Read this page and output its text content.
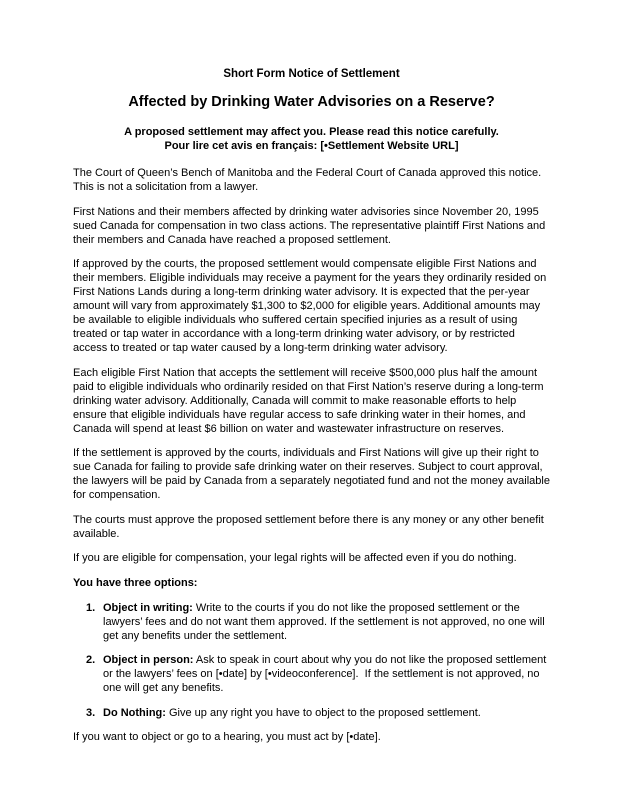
Short Form Notice of Settlement
Affected by Drinking Water Advisories on a Reserve?
A proposed settlement may affect you. Please read this notice carefully.
Pour lire cet avis en français: [•Settlement Website URL]
The Court of Queen’s Bench of Manitoba and the Federal Court of Canada approved this notice. This is not a solicitation from a lawyer.
First Nations and their members affected by drinking water advisories since November 20, 1995 sued Canada for compensation in two class actions. The representative plaintiff First Nations and their members and Canada have reached a proposed settlement.
If approved by the courts, the proposed settlement would compensate eligible First Nations and their members. Eligible individuals may receive a payment for the years they ordinarily resided on First Nations Lands during a long-term drinking water advisory. It is expected that the per-year amount will vary from approximately $1,300 to $2,000 for eligible years. Additional amounts may be available to eligible individuals who suffered certain specified injuries as a result of using treated or tap water in accordance with a long-term drinking water advisory, or by restricted access to treated or tap water caused by a long-term drinking water advisory.
Each eligible First Nation that accepts the settlement will receive $500,000 plus half the amount paid to eligible individuals who ordinarily resided on that First Nation’s reserve during a long-term drinking water advisory. Additionally, Canada will commit to make reasonable efforts to help ensure that eligible individuals have regular access to safe drinking water in their homes, and Canada will spend at least $6 billion on water and wastewater infrastructure on reserves.
If the settlement is approved by the courts, individuals and First Nations will give up their right to sue Canada for failing to provide safe drinking water on their reserves. Subject to court approval, the lawyers will be paid by Canada from a separately negotiated fund and not the money available for compensation.
The courts must approve the proposed settlement before there is any money or any other benefit available.
If you are eligible for compensation, your legal rights will be affected even if you do nothing.
You have three options:
1. Object in writing: Write to the courts if you do not like the proposed settlement or the lawyers’ fees and do not want them approved. If the settlement is not approved, no one will get any benefits under the settlement.
2. Object in person: Ask to speak in court about why you do not like the proposed settlement or the lawyers’ fees on [•date] by [•videoconference].  If the settlement is not approved, no one will get any benefits.
3. Do Nothing: Give up any right you have to object to the proposed settlement.
If you want to object or go to a hearing, you must act by [•date].
